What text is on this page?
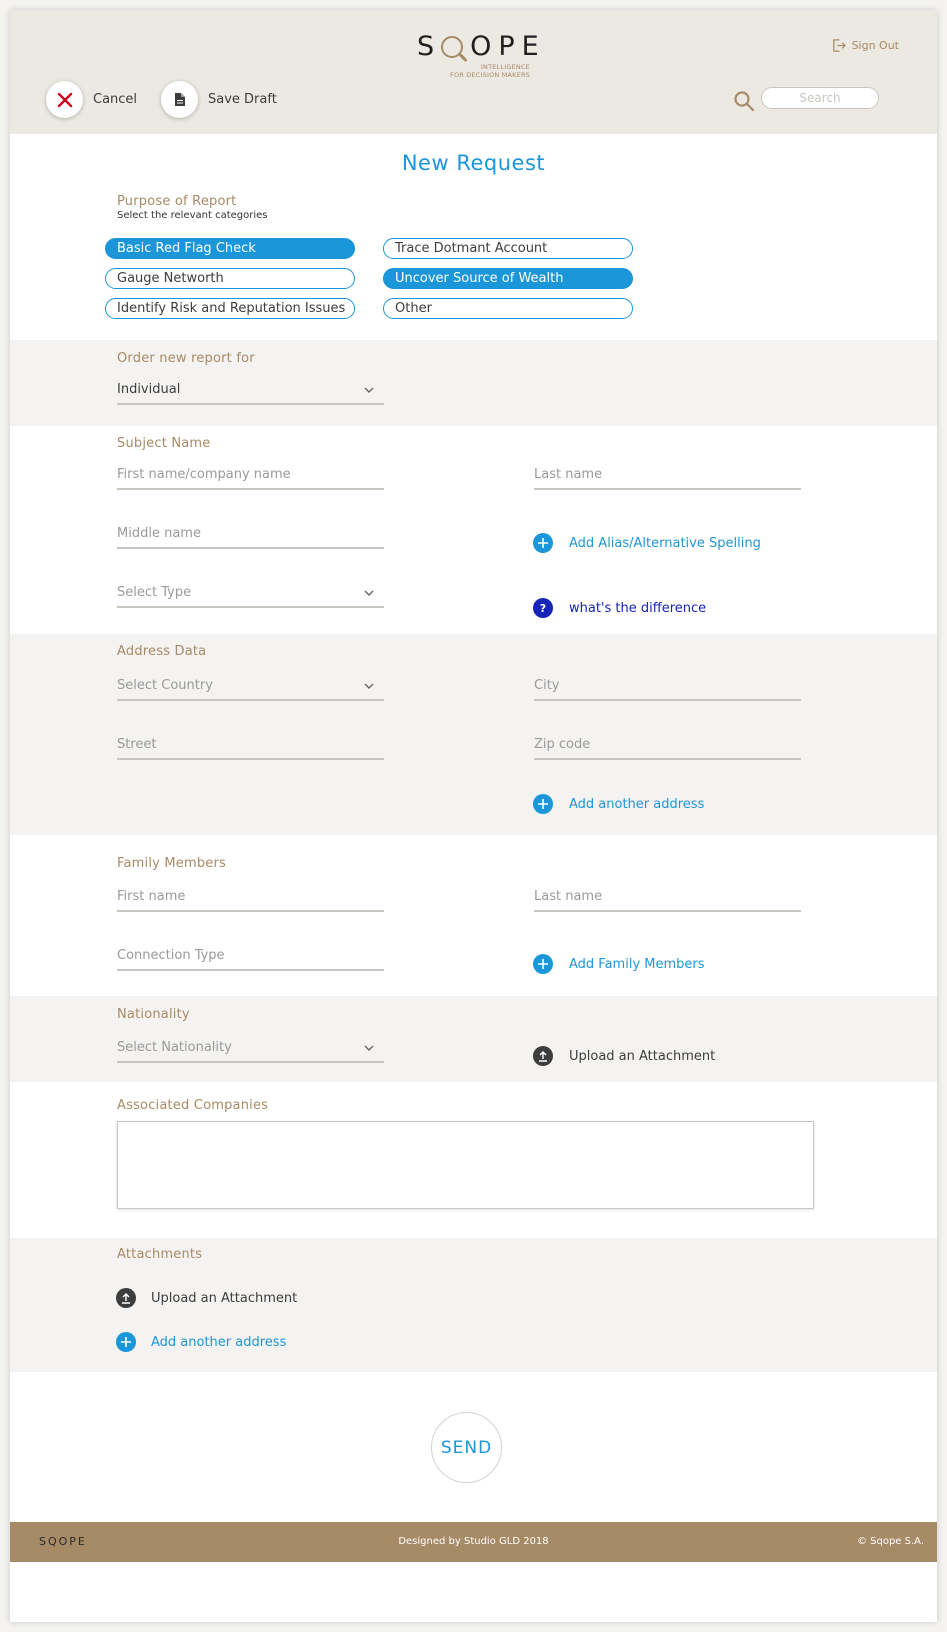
S OPE
INTELLIGENCE
FOR DECISION MAKERS
Sign Out
Cancel	Save Draft
Search
New Request
Purpose of Report
Select the relevant categories
Basic Red Flag Check	Trace Dotmant Account
Gauge Networth	Uncover Source of Wealth
Identify Risk and Reputation Issues	Other
Order new report for
Individual
Subject Name
First name/company name	Last name
Middle name
Select Type
Add Alias/Alternative Spelling
? what's the difference
Address Data
Select Country	City
Street	Zip code
Add another address
Family Members
First name	Last name
Connection Type
Add Family Members
Nationality
Select Nationality
Upload an Attachment
Associated Companies
Attachments
Upload an Attachment
Add another address
SEND
SQOPE	Designed by Studio GLD 2018	© Sqope S.A.
